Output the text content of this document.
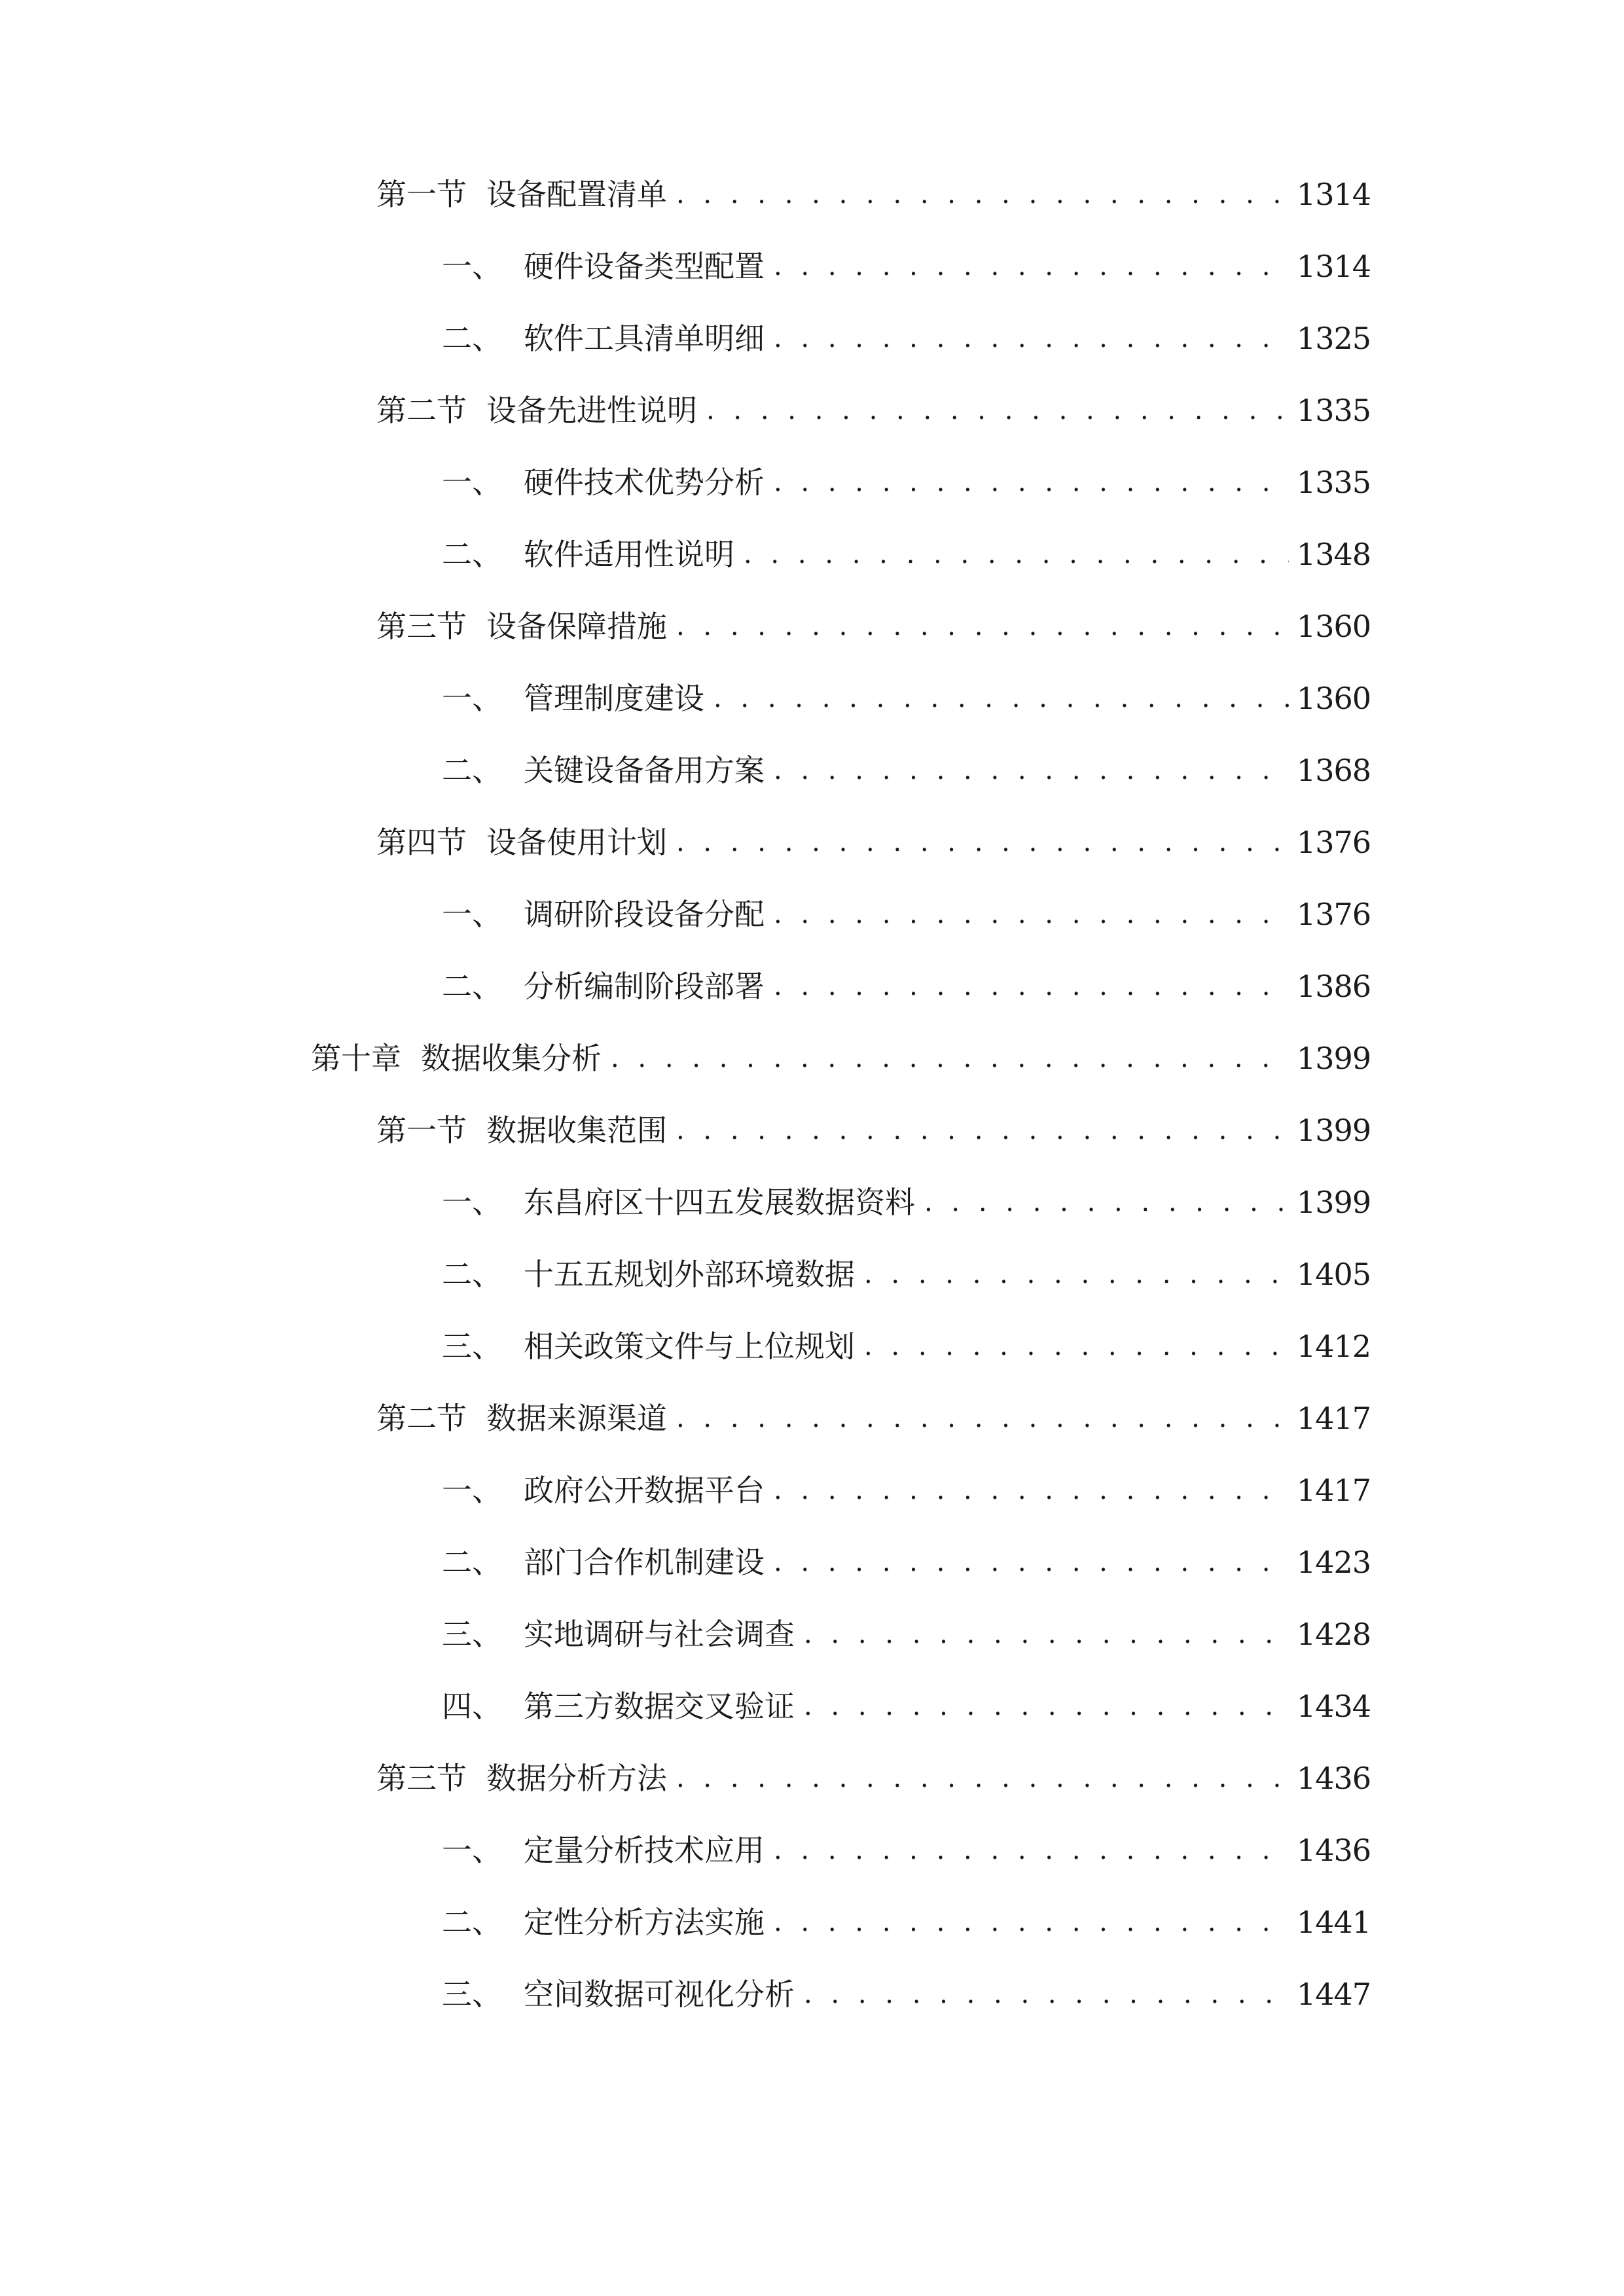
第一节 设备配置清单 . . .	1314
一、 硬件设备类型配置 . . .	1314
二、 软件工具清单明细 . . .	1325
第二节 设备先进性说明 . . .	1335
一、 硬件技术优势分析 . . .	1335
二、 软件适用性说明 . . .	1348
第三节 设备保障措施 . . .	1360
一、 管理制度建设 . . .	1360
二、 关键设备备用方案 . . .	1368
第四节 设备使用计划 . . .	1376
一、 调研阶段设备分配 . . .	1376
二、 分析编制阶段部署 . . .	1386
第十章 数据收集分析 . . .	1399
第一节 数据收集范围 . . .	1399
一、 东昌府区十四五发展数据资料 . . .	1399
二、 十五五规划外部环境数据 . . .	1405
三、 相关政策文件与上位规划 . . .	1412
第二节 数据来源渠道 . . .	1417
一、 政府公开数据平台 . . .	1417
二、 部门合作机制建设 . . .	1423
三、 实地调研与社会调查 . . .	1428
四、 第三方数据交叉验证 . . .	1434
第三节 数据分析方法 . . .	1436
一、 定量分析技术应用 . . .	1436
二、 定性分析方法实施 . . .	1441
三、 空间数据可视化分析 . . .	1447
